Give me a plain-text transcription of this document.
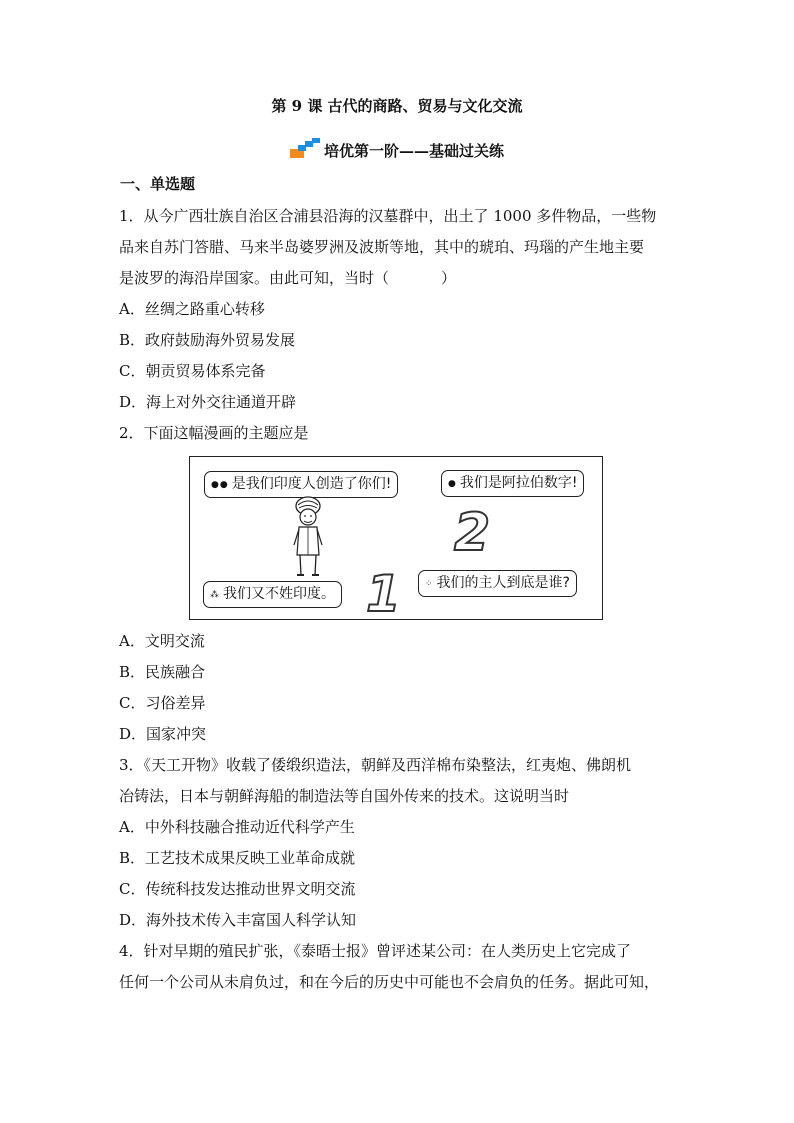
第 9 课 古代的商路、贸易与文化交流
培优第一阶——基础过关练
一、单选题
1．从今广西壮族自治区合浦县沿海的汉墓群中，出土了 1000 多件物品，一些物
品来自苏门答腊、马来半岛婆罗洲及波斯等地，其中的琥珀、玛瑙的产生地主要
是波罗的海沿岸国家。由此可知，当时（	）
A．丝绸之路重心转移
B．政府鼓励海外贸易发展
C．朝贡贸易体系完备
D．海上对外交往通道开辟
2．下面这幅漫画的主题应是
●● 是我们印度人创造了你们!	● 我们是阿拉伯数字!
⁂ 我们又不姓印度。
⁘ 我们的主人到底是谁?
2
1
A．文明交流
B．民族融合
C．习俗差异
D．国家冲突
3．《天工开物》收载了倭缎织造法，朝鲜及西洋棉布染整法，红夷炮、佛朗机
冶铸法，日本与朝鲜海船的制造法等自国外传来的技术。这说明当时
A．中外科技融合推动近代科学产生
B．工艺技术成果反映工业革命成就
C．传统科技发达推动世界文明交流
D．海外技术传入丰富国人科学认知
4．针对早期的殖民扩张，《泰晤士报》曾评述某公司：在人类历史上它完成了
任何一个公司从未肩负过，和在今后的历史中可能也不会肩负的任务。据此可知，
